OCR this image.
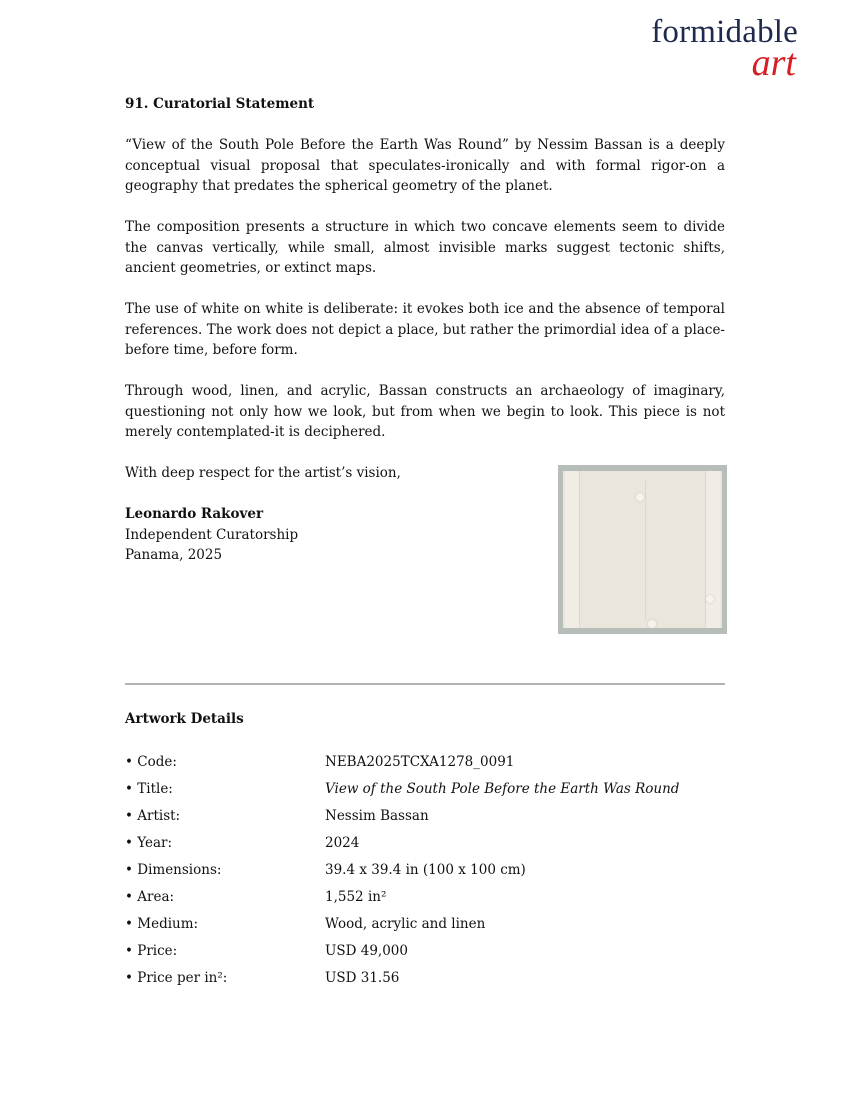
formidable
art

91. Curatorial Statement

“View of the South Pole Before the Earth Was Round” by Nessim Bassan is a deeply conceptual visual proposal that speculates-ironically and with formal rigor-on a geography that predates the spherical geometry of the planet.

The composition presents a structure in which two concave elements seem to divide the canvas vertically, while small, almost invisible marks suggest tectonic shifts, ancient geometries, or extinct maps.

The use of white on white is deliberate: it evokes both ice and the absence of temporal references. The work does not depict a place, but rather the primordial idea of a place-before time, before form.

Through wood, linen, and acrylic, Bassan constructs an archaeology of imaginary, questioning not only how we look, but from when we begin to look. This piece is not merely contemplated-it is deciphered.

With deep respect for the artist’s vision,

Leonardo Rakover

Independent Curatorship

Panama, 2025

Artwork Details
• Code:	NEBA2025TCXA1278_0091
• Title:	View of the South Pole Before the Earth Was Round
• Artist:	Nessim Bassan
• Year:	2024
• Dimensions:	39.4 x 39.4 in (100 x 100 cm)
• Area:	1,552 in²
• Medium:	Wood, acrylic and linen
• Price:	USD 49,000
• Price per in²:	USD 31.56
